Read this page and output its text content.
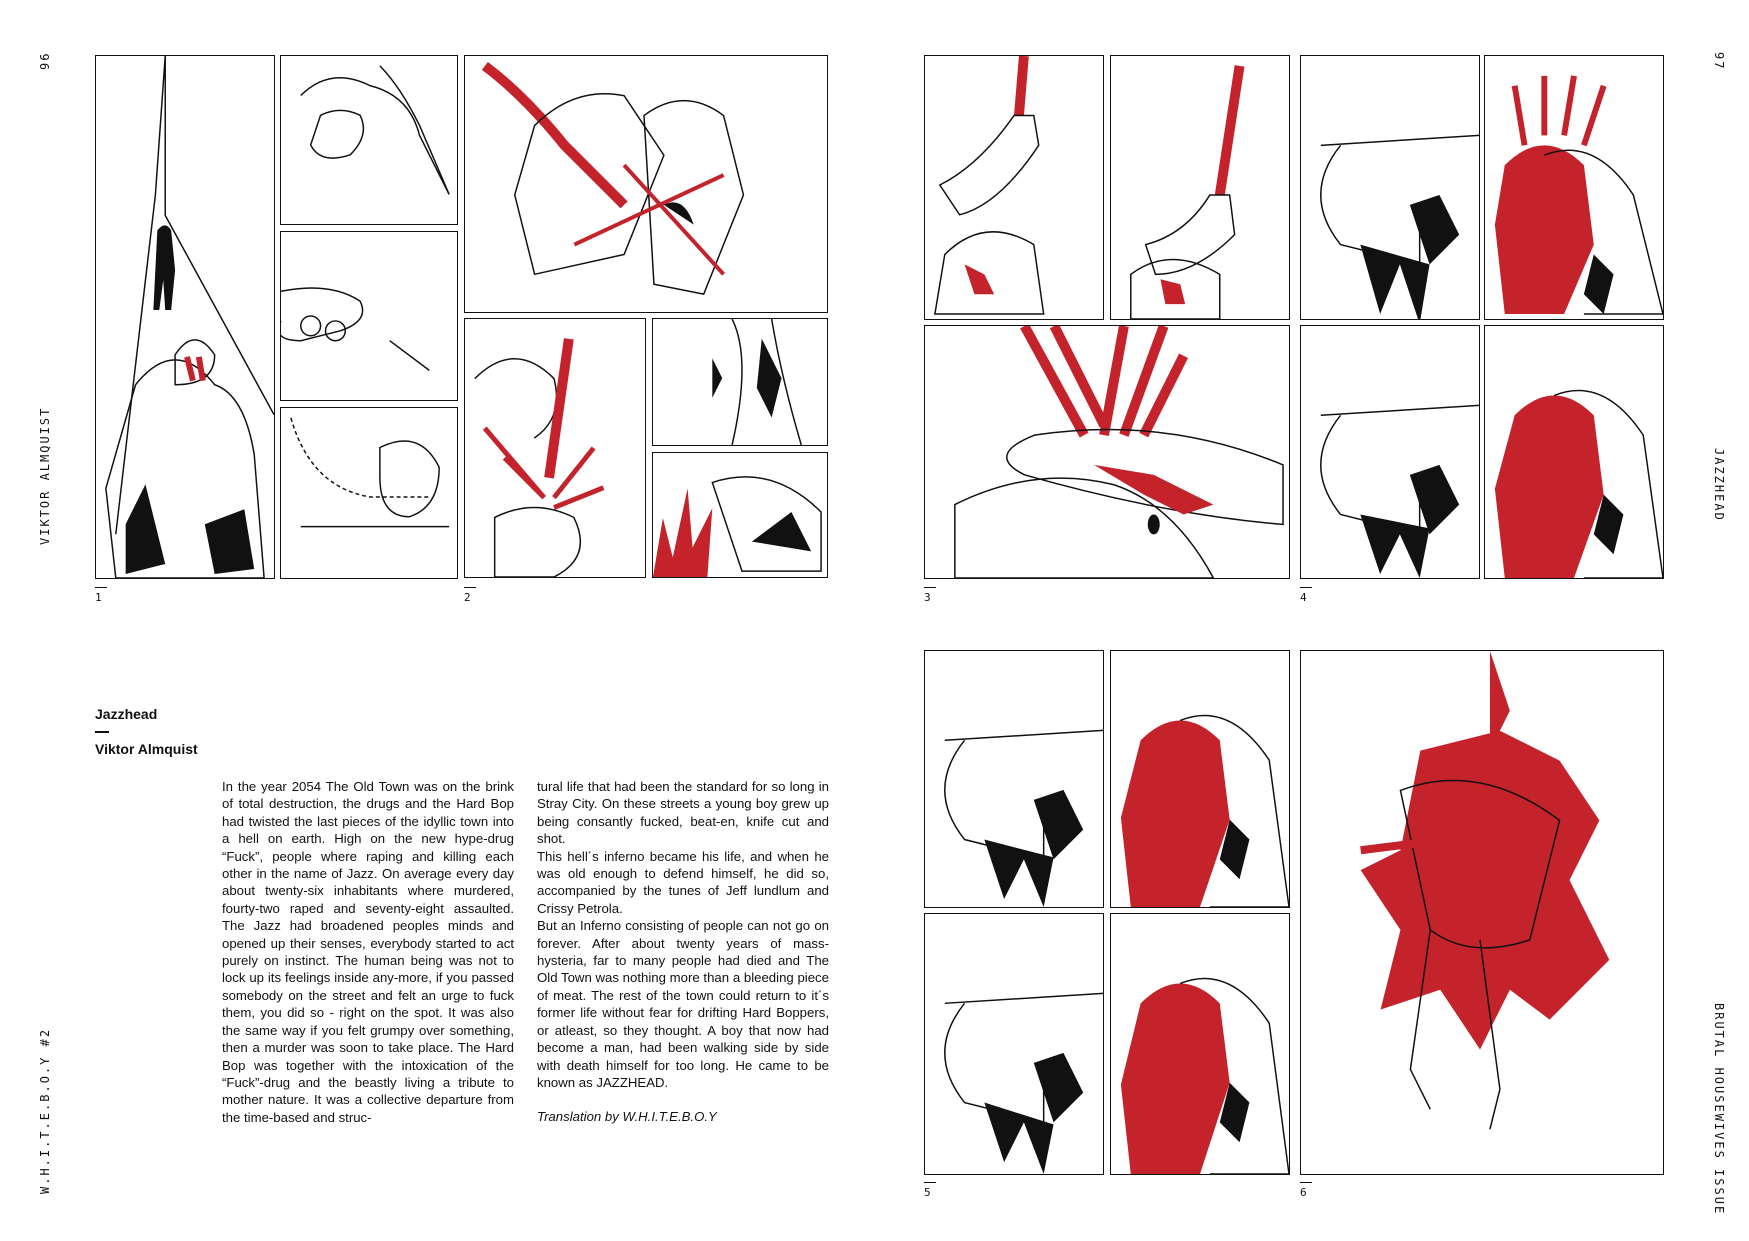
96
VIKTOR ALMQUIST
W.H.I.T.E.B.O.Y #2
97
JAZZHEAD
BRUTAL HOUSEWIVES ISSUE
1	2	3	4
5	6
Jazzhead
Viktor Almquist

In the year 2054 The Old Town was on the brink of total destruction, the drugs and the Hard Bop had twisted the last pieces of the idyllic town into a hell on earth. High on the new hype-drug “Fuck”, people where raping and killing each other in the name of Jazz. On average every day about twenty-six inhabitants where murdered, fourty-two raped and seventy-eight assaulted. The Jazz had broadened peoples minds and opened up their senses, everybody started to act purely on instinct. The human being was not to lock up its feelings inside any-more, if you passed somebody on the street and felt an urge to fuck them, you did so - right on the spot. It was also the same way if you felt grumpy over something, then a murder was soon to take place. The Hard Bop was together with the intoxication of the “Fuck”-drug and the beastly living a tribute to mother nature. It was a collective departure from the time-based and struc-

tural life that had been the standard for so long in Stray City. On these streets a young boy grew up being consantly fucked, beat-en, knife cut and shot.

This hell´s inferno became his life, and when he was old enough to defend himself, he did so, accompanied by the tunes of Jeff lundlum and Crissy Petrola.

But an Inferno consisting of people can not go on forever. After about twenty years of mass-hysteria, far to many people had died and The Old Town was nothing more than a bleeding piece of meat. The rest of the town could return to it´s former life without fear for drifting Hard Boppers, or atleast, so they thought. A boy that now had become a man, had been walking side by side with death himself for too long. He came to be known as JAZZHEAD.

Translation by W.H.I.T.E.B.O.Y
